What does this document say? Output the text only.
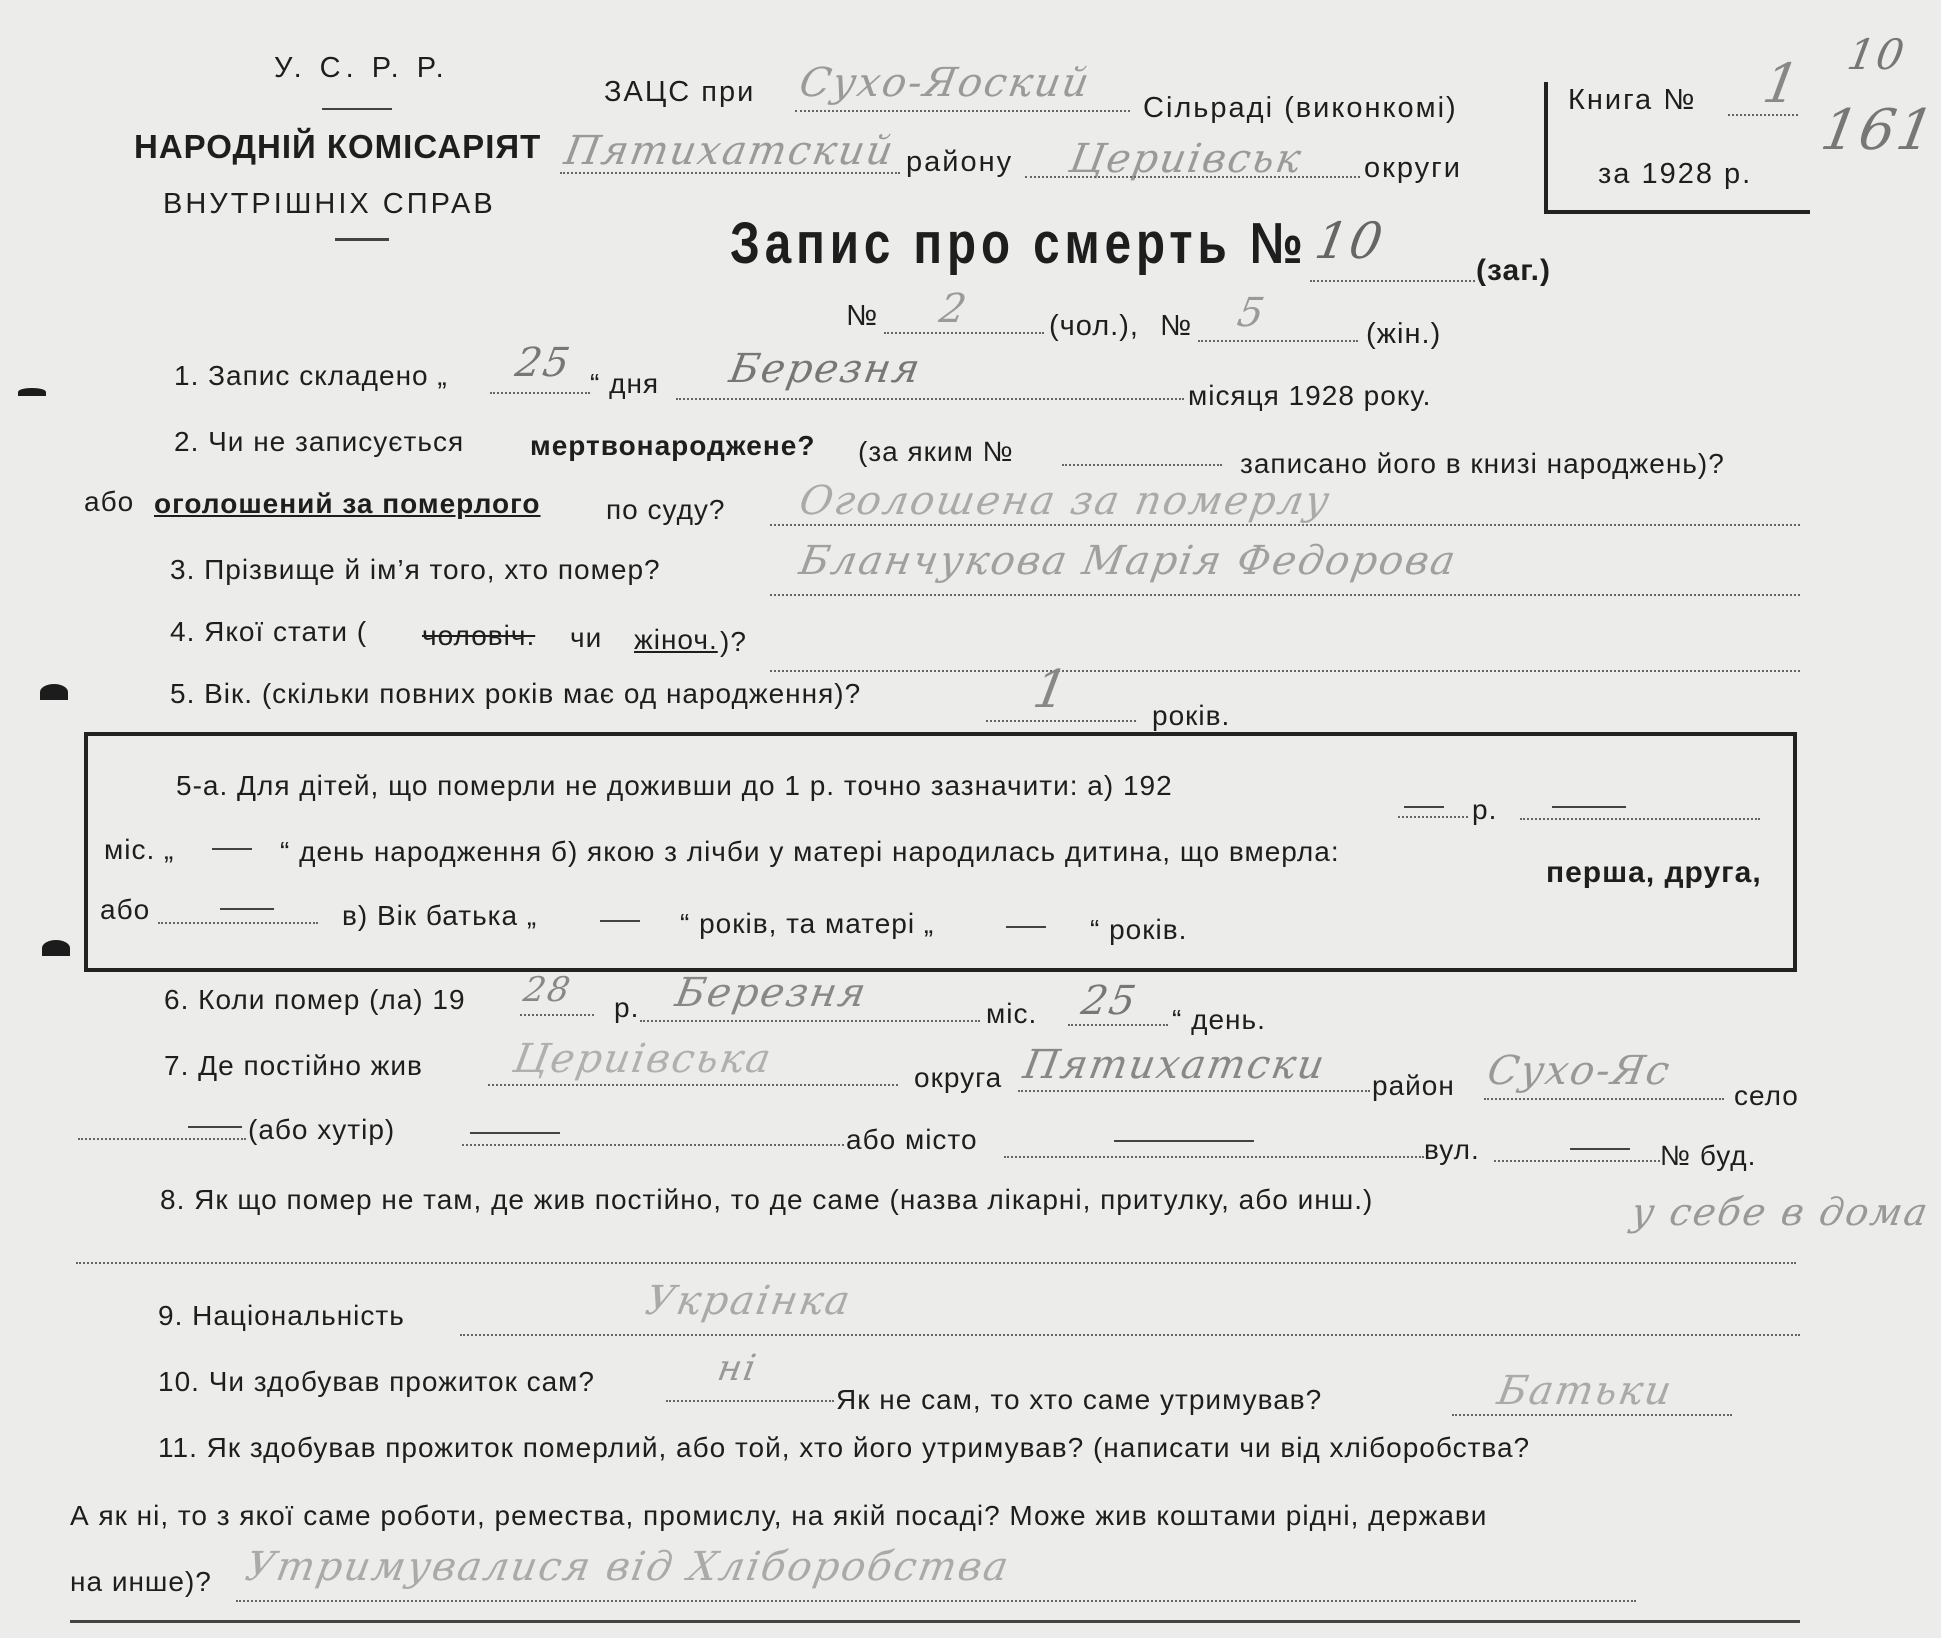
У. С. Р. Р.
НАРОДНІЙ КОМІСАРІЯТ
ВНУТРІШНІХ СПРАВ
ЗАЦС при Сухо-Яоский
Сільраді (виконкомі)
Пятихатский району Цериівськ округи
Книга № 1
за 1928 р.
10
161
Запис про смерть № 10
(заг.)
№ 2	(чол.), № 5	(жін.)
1. Запис складено „ 25 “ дня Березня
місяця 1928 року.
2. Чи не записується мертвонароджене? (за яким №	записано його в книзі народжень)?
або оголошений за померлого по суду? Оголошена за помеpлу
3. Прізвище й ім’я того, хто помер?	Бланчукова Марія Федорова
4. Якої стати ( чоловіч. чи жіноч. )?
5. Вік. (скільки повних років має од народження)?	1	років.
5-а. Для дітей, що померли не доживши до 1 р. точно зазначити: а) 192
р.
міс. „	“ день народження б) якою з лічби у матері народилась дитина, що вмерла:
перша, друга,
або	в) Вік батька „	“ років, та матері „	“ років.
6. Коли помер (ла) 19 28 р. Березня	міс. 25 “ день.
7. Де постійно жив Цериівська	округа Пятихатски район Сухо-Яс
село
(або хутір)	або місто	вул.	№ буд.
8. Як що помер не там, де жив постійно, то де саме (назва лікарні, притулку, або инш.)	у себе в дома
9. Національність	Украінка
10. Чи здобував прожиток сам?	ні
Як не сам, то хто саме утримував?	Батьки
11. Як здобував прожиток померлий, або той, хто його утримував? (написати чи від хліборобства?
А як ні, то з якої саме роботи, ремества, промислу, на якій посаді? Може жив коштами рідні, держави
на инше)? Утримувалися від Хліборобства
